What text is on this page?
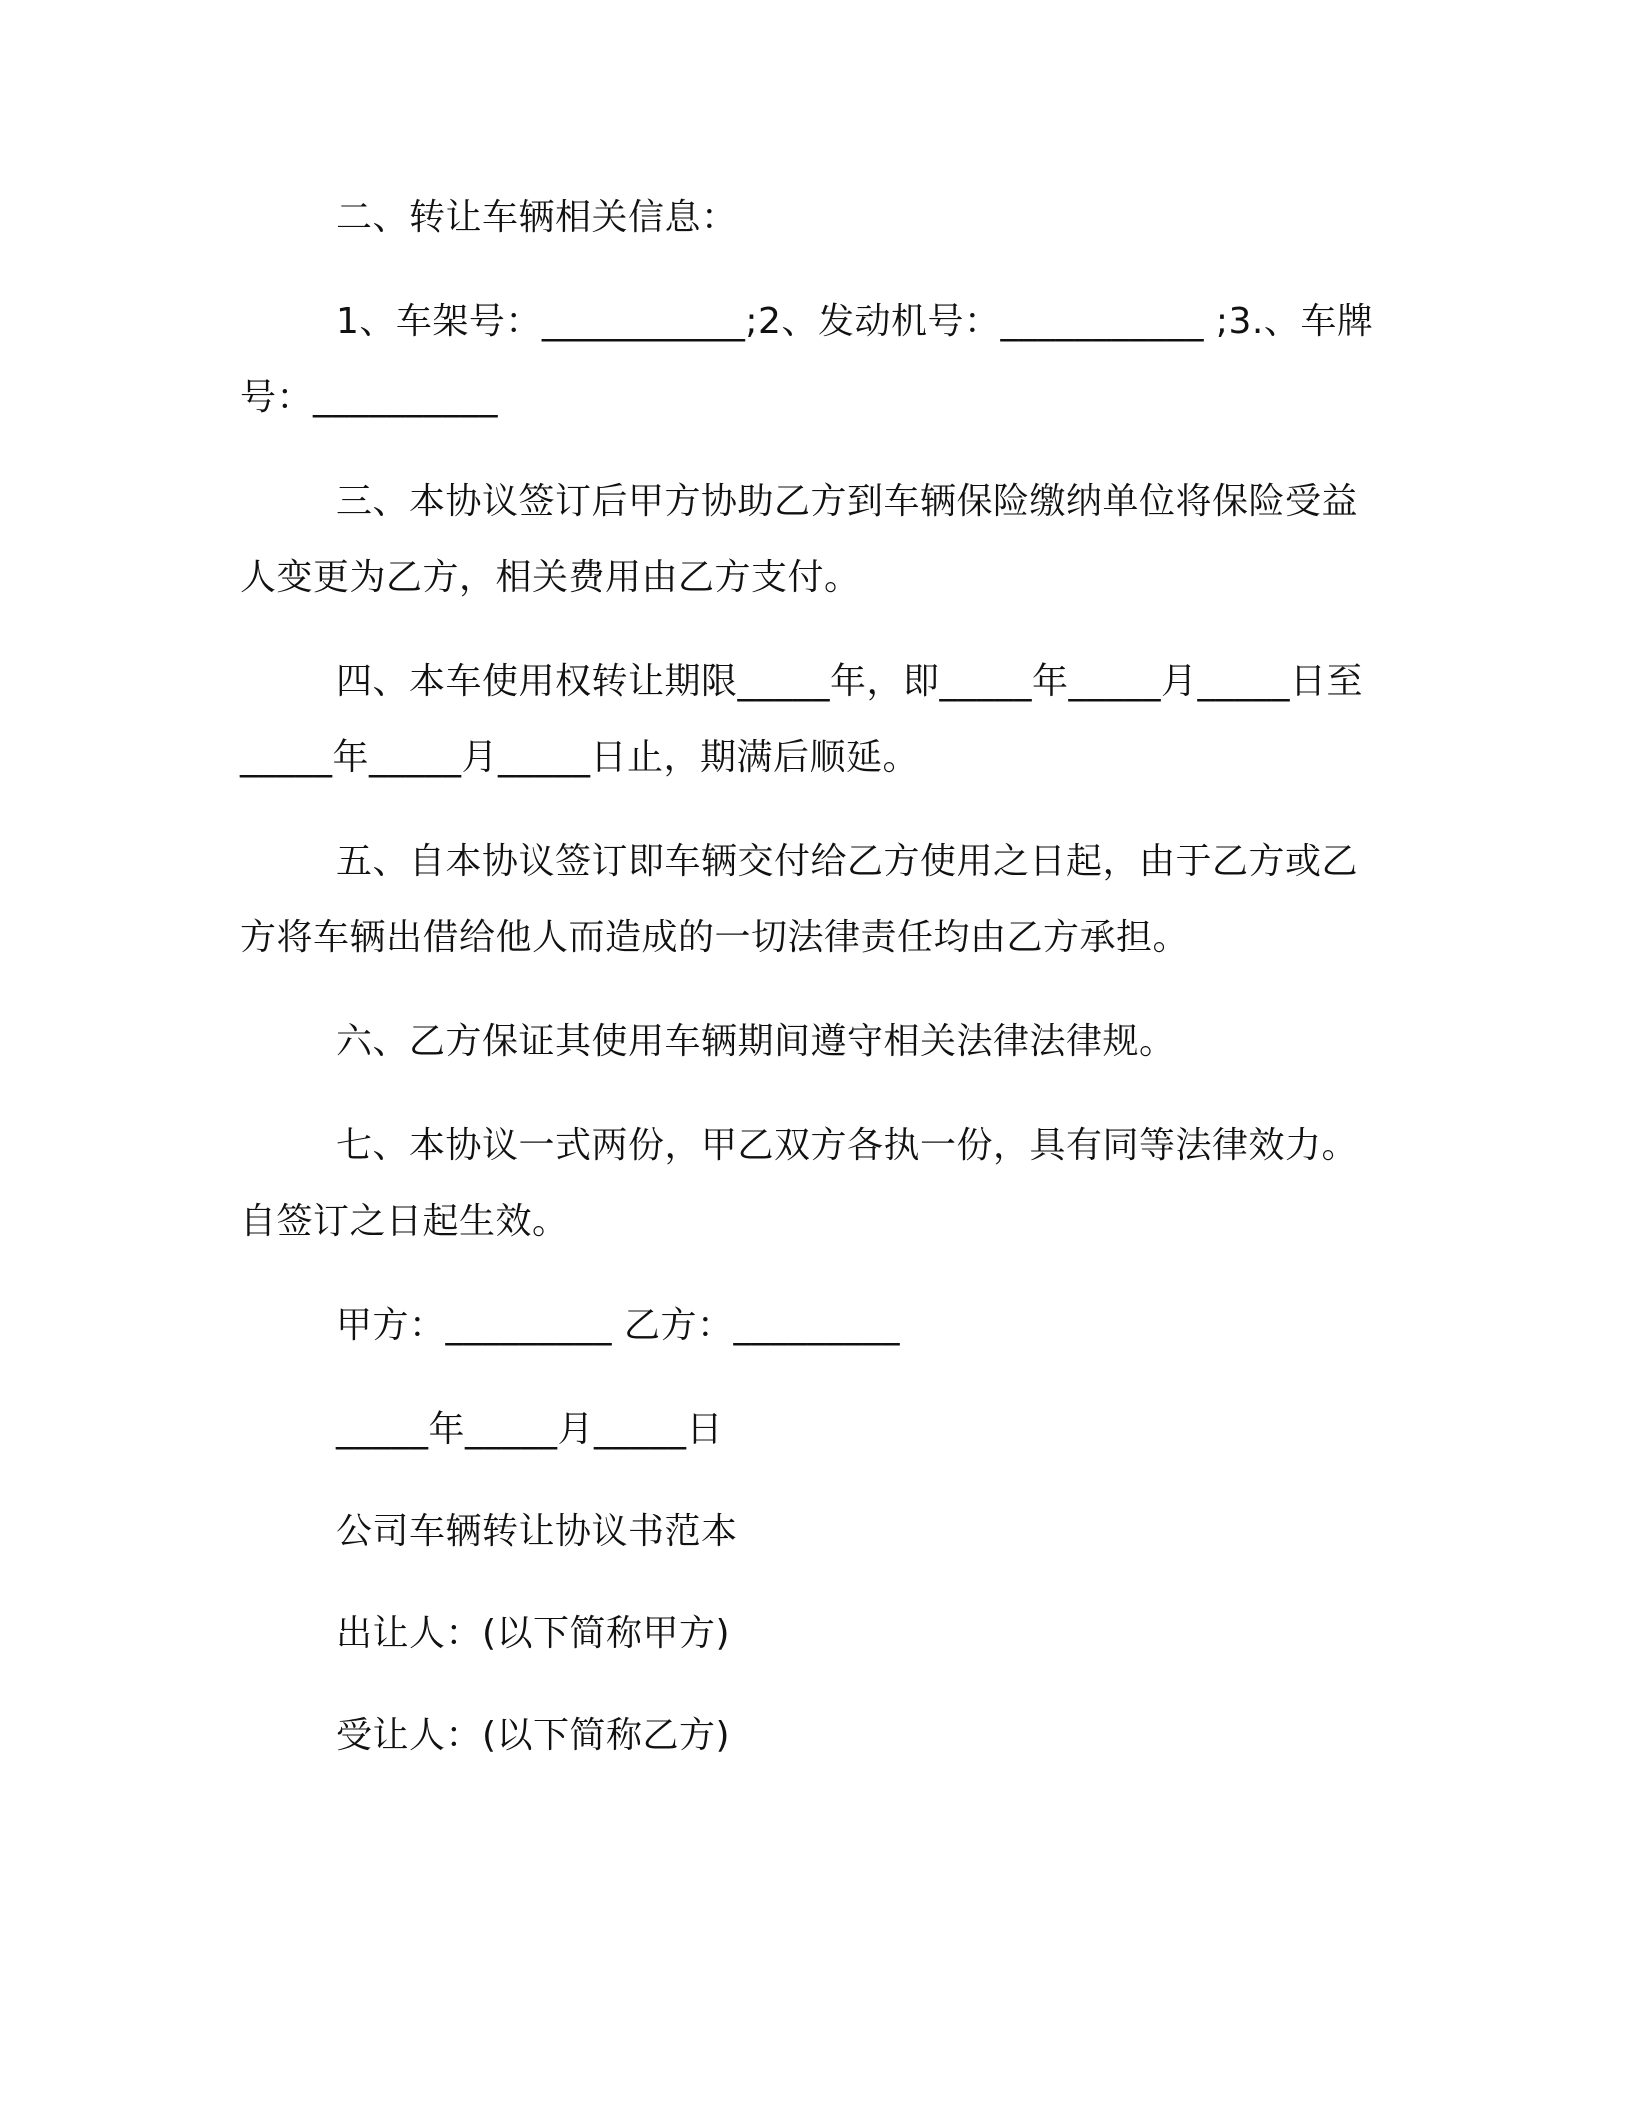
二、转让车辆相关信息：

1、车架号：___________;2、发动机号：___________ ;3.、车牌号：__________

三、本协议签订后甲方协助乙方到车辆保险缴纳单位将保险受益人变更为乙方，相关费用由乙方支付。

四、本车使用权转让期限_____年，即_____年_____月_____日至_____年_____月_____日止，期满后顺延。

五、自本协议签订即车辆交付给乙方使用之日起，由于乙方或乙方将车辆出借给他人而造成的一切法律责任均由乙方承担。

六、乙方保证其使用车辆期间遵守相关法律法律规。

七、本协议一式两份，甲乙双方各执一份，具有同等法律效力。自签订之日起生效。

甲方：_________ 乙方：_________

_____年_____月_____日

公司车辆转让协议书范本

出让人：(以下简称甲方)

受让人：(以下简称乙方)
